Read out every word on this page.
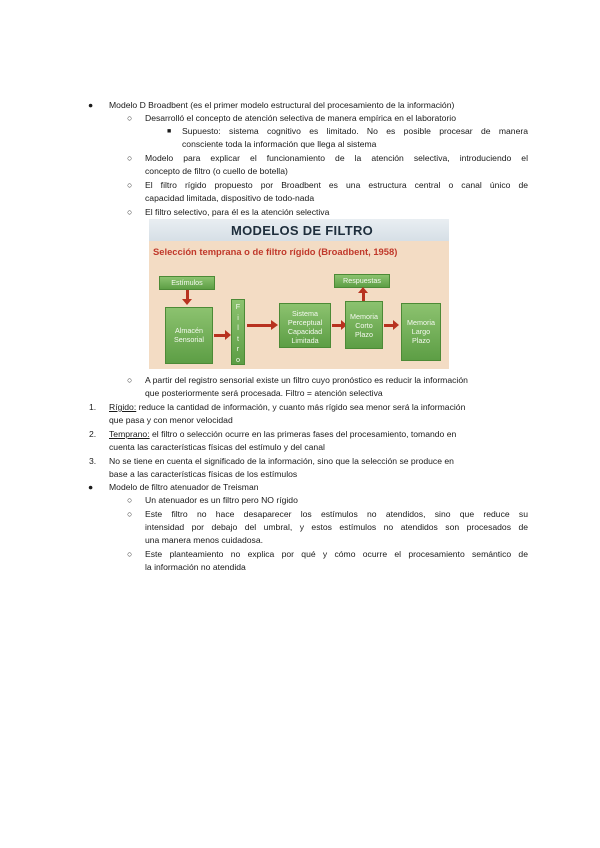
● Modelo D Broadbent (es el primer modelo estructural del procesamiento de la información)
○ Desarrolló el concepto de atención selectiva de manera empírica en el laboratorio
■ Supuesto: sistema cognitivo es limitado. No es posible procesar de manera
consciente toda la información que llega al sistema
○ Modelo para explicar el funcionamiento de la atención selectiva, introduciendo el
concepto de filtro (o cuello de botella)
○ El filtro rígido propuesto por Broadbent es una estructura central o canal único de
capacidad limitada, dispositivo de todo-nada
○ El filtro selectivo, para él es la atención selectiva
MODELOS DE FILTRO
Selección temprana o de filtro rígido (Broadbent, 1958)
Estímulos
Almacén Sensorial
F
i
l
t
r
o
Sistema Perceptual Capacidad Limitada
Respuestas
Memoria Corto Plazo
Memoria Largo Plazo
○ A partir del registro sensorial existe un filtro cuyo pronóstico es reducir la información
que posteriormente será procesada. Filtro = atención selectiva
1. Rígido: reduce la cantidad de información, y cuanto más rígido sea menor será la información
que pasa y con menor velocidad
2. Temprano: el filtro o selección ocurre en las primeras fases del procesamiento, tomando en
cuenta las características físicas del estímulo y del canal
3. No se tiene en cuenta el significado de la información, sino que la selección se produce en
base a las características físicas de los estímulos
● Modelo de filtro atenuador de Treisman
○ Un atenuador es un filtro pero NO rígido
○ Este filtro no hace desaparecer los estímulos no atendidos, sino que reduce su
intensidad por debajo del umbral, y estos estímulos no atendidos son procesados de
una manera menos cuidadosa.
○ Este planteamiento no explica por qué y cómo ocurre el procesamiento semántico de
la información no atendida
